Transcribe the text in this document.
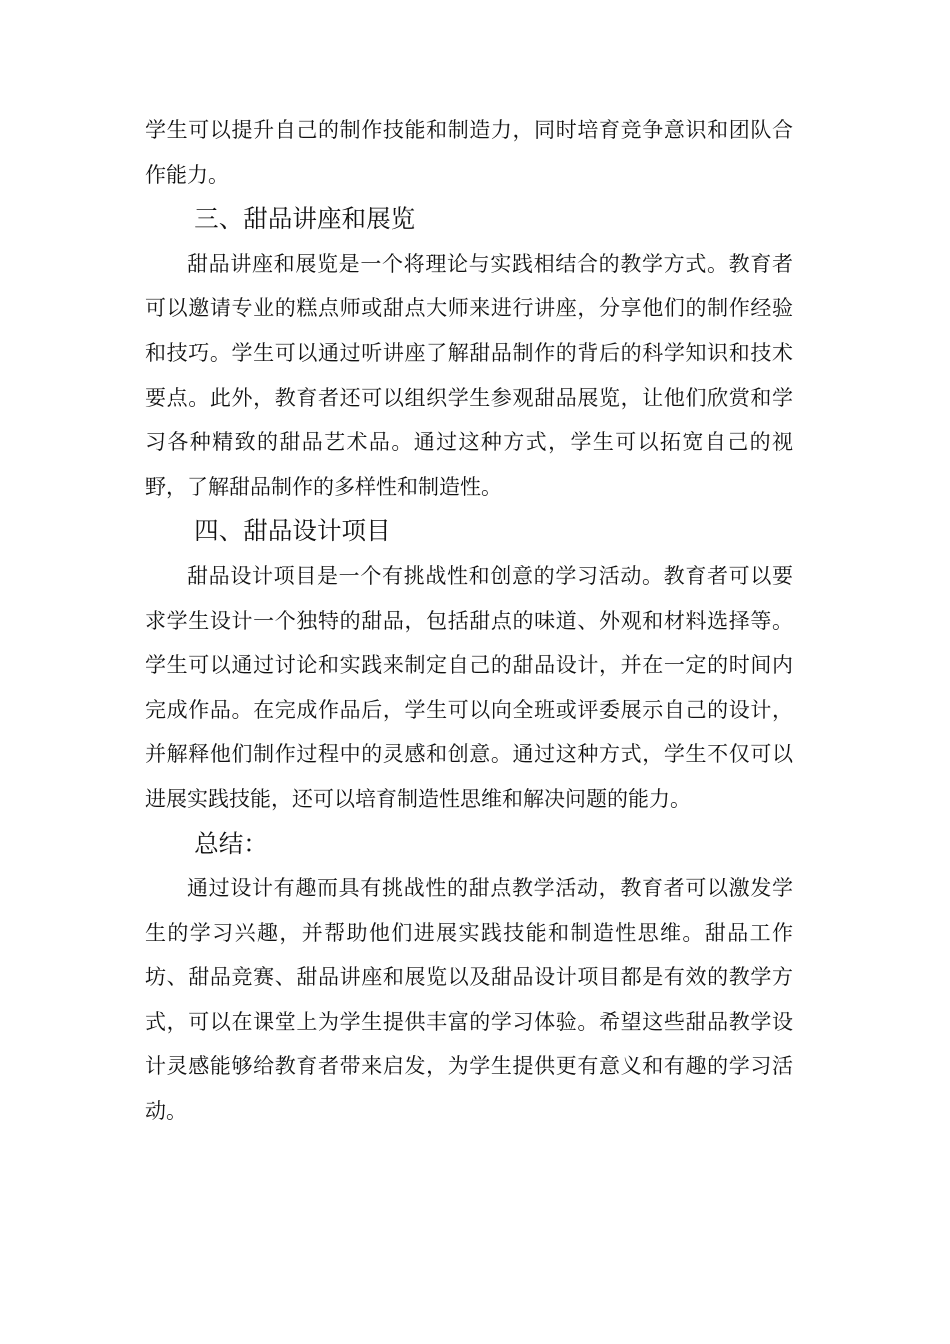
学生可以提升自己的制作技能和制造力，同时培育竞争意识和团队合作能力。

三、甜品讲座和展览

甜品讲座和展览是一个将理论与实践相结合的教学方式。教育者可以邀请专业的糕点师或甜点大师来进行讲座，分享他们的制作经验和技巧。学生可以通过听讲座了解甜品制作的背后的科学知识和技术要点。此外，教育者还可以组织学生参观甜品展览，让他们欣赏和学习各种精致的甜品艺术品。通过这种方式，学生可以拓宽自己的视野，了解甜品制作的多样性和制造性。

四、甜品设计项目

甜品设计项目是一个有挑战性和创意的学习活动。教育者可以要求学生设计一个独特的甜品，包括甜点的味道、外观和材料选择等。学生可以通过讨论和实践来制定自己的甜品设计，并在一定的时间内完成作品。在完成作品后，学生可以向全班或评委展示自己的设计，并解释他们制作过程中的灵感和创意。通过这种方式，学生不仅可以进展实践技能，还可以培育制造性思维和解决问题的能力。

总结：

通过设计有趣而具有挑战性的甜点教学活动，教育者可以激发学生的学习兴趣，并帮助他们进展实践技能和制造性思维。甜品工作坊、甜品竞赛、甜品讲座和展览以及甜品设计项目都是有效的教学方式，可以在课堂上为学生提供丰富的学习体验。希望这些甜品教学设计灵感能够给教育者带来启发，为学生提供更有意义和有趣的学习活动。
